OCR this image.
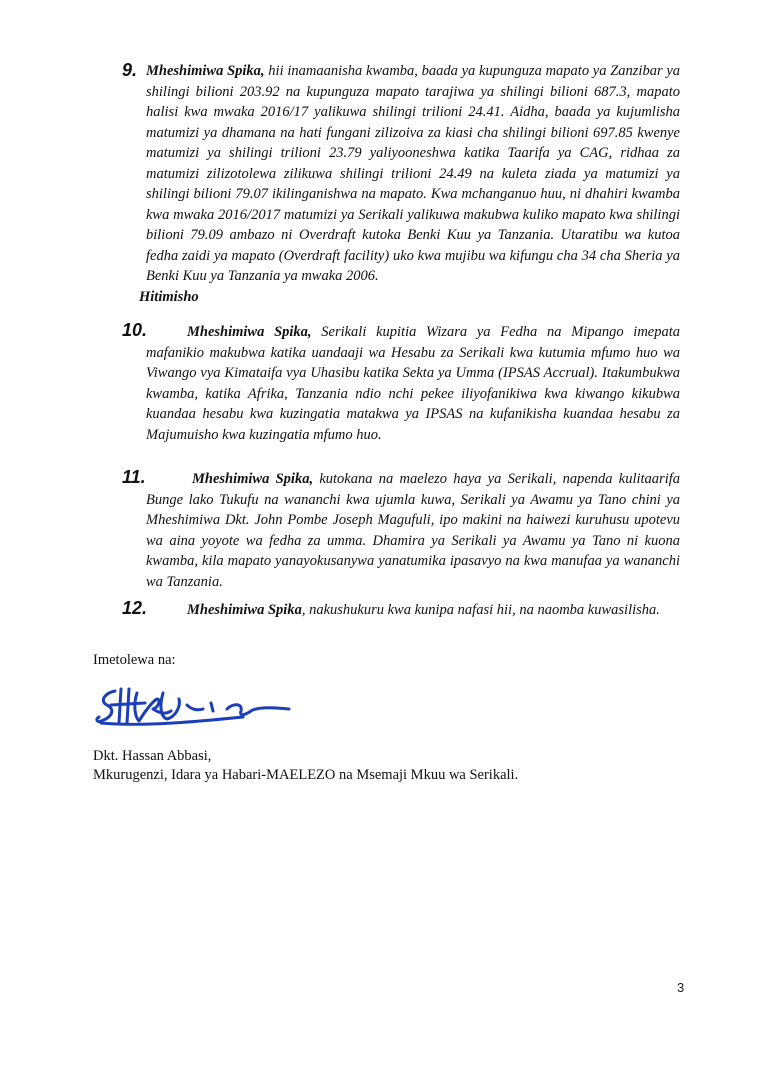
9. Mheshimiwa Spika, hii inamaanisha kwamba, baada ya kupunguza mapato ya Zanzibar ya shilingi bilioni 203.92 na kupunguza mapato tarajiwa ya shilingi bilioni 687.3, mapato halisi kwa mwaka 2016/17 yalikuwa shilingi trilioni 24.41. Aidha, baada ya kujumlisha matumizi ya dhamana na hati fungani zilizoiva za kiasi cha shilingi bilioni 697.85 kwenye matumizi ya shilingi trilioni 23.79 yaliyooneshwa katika Taarifa ya CAG, ridhaa za matumizi zilizotolewa zilikuwa shilingi trilioni 24.49 na kuleta ziada ya matumizi ya shilingi bilioni 79.07 ikilinganishwa na mapato. Kwa mchanganuo huu, ni dhahiri kwamba kwa mwaka 2016/2017 matumizi ya Serikali yalikuwa makubwa kuliko mapato kwa shilingi bilioni 79.09 ambazo ni Overdraft kutoka Benki Kuu ya Tanzania. Utaratibu wa kutoa fedha zaidi ya mapato (Overdraft facility) uko kwa mujibu wa kifungu cha 34 cha Sheria ya Benki Kuu ya Tanzania ya mwaka 2006.
Hitimisho
10.	Mheshimiwa Spika, Serikali kupitia Wizara ya Fedha na Mipango imepata mafanikio makubwa katika uandaaji wa Hesabu za Serikali kwa kutumia mfumo huo wa Viwango vya Kimataifa vya Uhasibu katika Sekta ya Umma (IPSAS Accrual). Itakumbukwa kwamba, katika Afrika, Tanzania ndio nchi pekee iliyofanikiwa kwa kiwango kikubwa kuandaa hesabu kwa kuzingatia matakwa ya IPSAS na kufanikisha kuandaa hesabu za Majumuisho kwa kuzingatia mfumo huo.
11.	Mheshimiwa Spika, kutokana na maelezo haya ya Serikali, napenda kulitaarifa Bunge lako Tukufu na wananchi kwa ujumla kuwa, Serikali ya Awamu ya Tano chini ya Mheshimiwa Dkt. John Pombe Joseph Magufuli, ipo makini na haiwezi kuruhusu upotevu wa aina yoyote wa fedha za umma. Dhamira ya Serikali ya Awamu ya Tano ni kuona kwamba, kila mapato yanayokusanywa yanatumika ipasavyo na kwa manufaa ya wananchi wa Tanzania.
12.	Mheshimiwa Spika, nakushukuru kwa kunipa nafasi hii, na naomba kuwasilisha.
Imetolewa na:
Dkt. Hassan Abbasi,
Mkurugenzi, Idara ya Habari-MAELEZO na Msemaji Mkuu wa Serikali.
3
